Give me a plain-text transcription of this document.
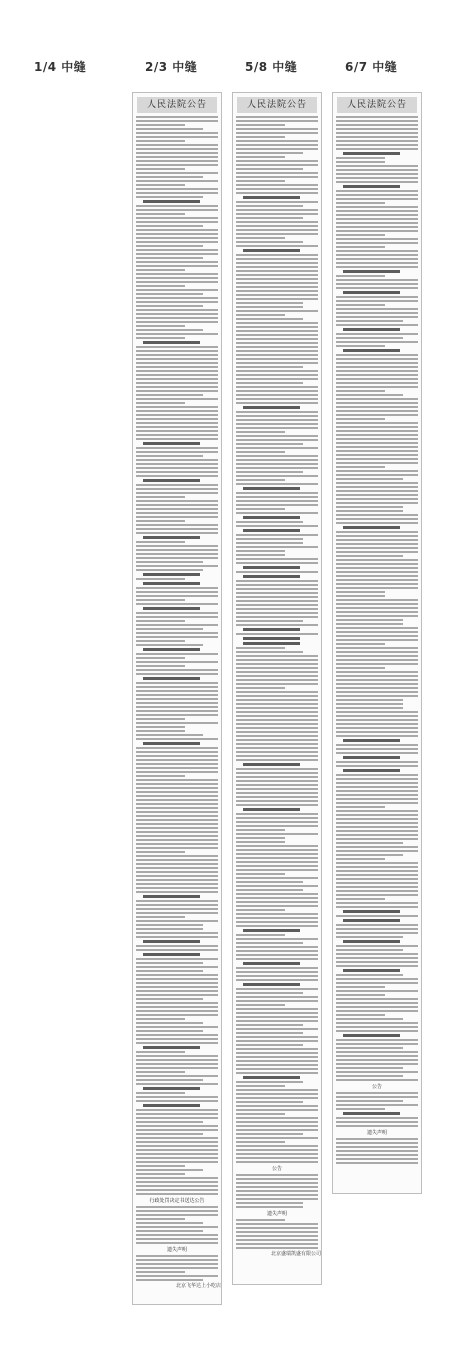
1/4 中缝	2/3 中缝	5/8 中缝	6/7 中缝
人民法院公告
行政处罚决定书送达公告
遗失声明
北京飞华达上小吃店
人民法院公告
公告
遗失声明
北京盛瑞凯盛有限公司
人民法院公告
公告
遗失声明
